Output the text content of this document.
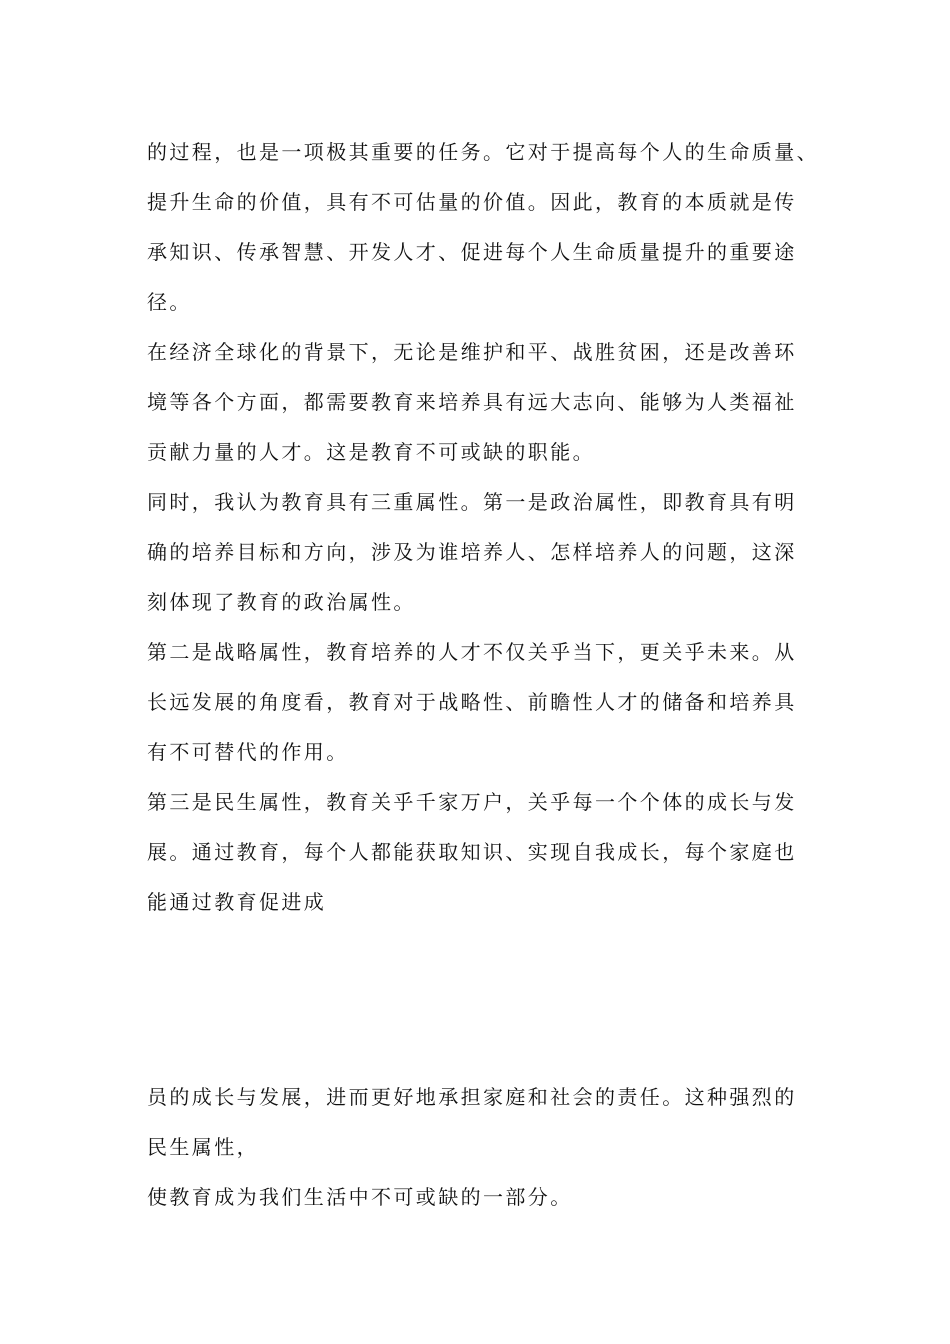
的过程，也是一项极其重要的任务。它对于提高每个人的生命质量、
提升生命的价值，具有不可估量的价值。因此，教育的本质就是传
承知识、传承智慧、开发人才、促进每个人生命质量提升的重要途
径。
在经济全球化的背景下，无论是维护和平、战胜贫困，还是改善环
境等各个方面，都需要教育来培养具有远大志向、能够为人类福祉
贡献力量的人才。这是教育不可或缺的职能。
同时，我认为教育具有三重属性。第一是政治属性，即教育具有明
确的培养目标和方向，涉及为谁培养人、怎样培养人的问题，这深
刻体现了教育的政治属性。
第二是战略属性，教育培养的人才不仅关乎当下，更关乎未来。从
长远发展的角度看，教育对于战略性、前瞻性人才的储备和培养具
有不可替代的作用。
第三是民生属性，教育关乎千家万户，关乎每一个个体的成长与发
展。通过教育，每个人都能获取知识、实现自我成长，每个家庭也
能通过教育促进成
员的成长与发展，进而更好地承担家庭和社会的责任。这种强烈的
民生属性，
使教育成为我们生活中不可或缺的一部分。
